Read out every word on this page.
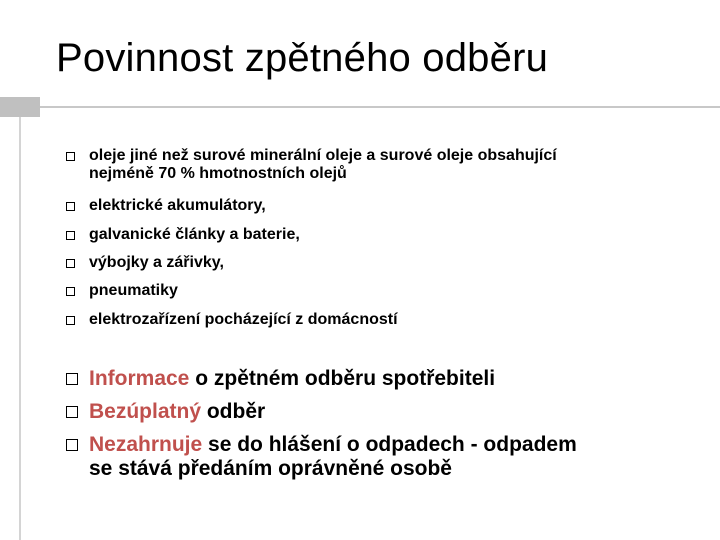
Povinnost zpětného odběru
oleje jiné než surové minerální oleje a surové oleje obsahující
nejméně 70 % hmotnostních olejů
elektrické akumulátory,
galvanické články a baterie,
výbojky a zářivky,
pneumatiky
elektrozařízení pocházející z domácností
Informace o zpětném odběru spotřebiteli
Bezúplatný odběr
Nezahrnuje se do hlášení o odpadech - odpadem
se stává předáním oprávněné osobě
